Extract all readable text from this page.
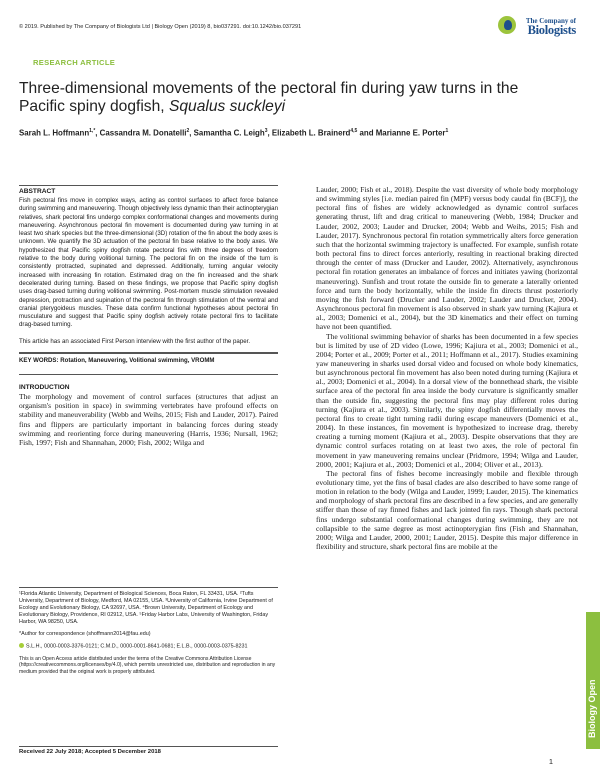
© 2019. Published by The Company of Biologists Ltd | Biology Open (2019) 8, bio037291. doi:10.1242/bio.037291
The Company of
Biologists
RESEARCH ARTICLE
Three-dimensional movements of the pectoral fin during yaw turns in the Pacific spiny dogfish, Squalus suckleyi
Sarah L. Hoffmann$^{1,*}$, Cassandra M. Donatelli$^2$, Samantha C. Leigh$^3$, Elizabeth L. Brainerd$^{4,5}$ and Marianne E. Porter$^1$
ABSTRACT
Fish pectoral fins move in complex ways, acting as control surfaces to affect force balance during swimming and maneuvering. Though objectively less dynamic than their actinopterygian relatives, shark pectoral fins undergo complex conformational changes and movements during maneuvering. Asynchronous pectoral fin movement is documented during yaw turning in at least two shark species but the three-dimensional (3D) rotation of the fin about the body axes is unknown. We quantify the 3D actuation of the pectoral fin base relative to the body axes. We hypothesized that Pacific spiny dogfish rotate pectoral fins with three degrees of freedom relative to the body during volitional turning. The pectoral fin on the inside of the turn is consistently protracted, supinated and depressed. Additionally, turning angular velocity increased with increasing fin rotation. Estimated drag on the fin increased and the shark decelerated during turning. Based on these findings, we propose that Pacific spiny dogfish uses drag-based turning during volitional swimming. Post-mortem muscle stimulation revealed depression, protraction and supination of the pectoral fin through stimulation of the ventral and cranial pterygoideus muscles. These data confirm functional hypotheses about pectoral fin musculature and suggest that Pacific spiny dogfish actively rotate pectoral fins to facilitate drag-based turning.
This article has an associated First Person interview with the first author of the paper.
KEY WORDS: Rotation, Maneuvering, Volitional swimming, VROMM
INTRODUCTION

The morphology and movement of control surfaces (structures that adjust an organism's position in space) in swimming vertebrates have profound effects on stability and maneuverability (Webb and Weihs, 2015; Fish and Lauder, 2017). Paired fins and flippers are particularly important in balancing forces during steady swimming and reorienting force during maneuvering (Harris, 1936; Nursall, 1962; Fish, 1997; Fish and Shannahan, 2000; Fish, 2002; Wilga and

¹Florida Atlantic University, Department of Biological Sciences, Boca Raton, FL 33431, USA. ²Tufts University, Department of Biology, Medford, MA 02155, USA. ³University of California, Irvine Department of Ecology and Evolutionary Biology, CA 92697, USA. ⁴Brown University, Department of Ecology and Evolutionary Biology, Providence, RI 02912, USA. ⁵Friday Harbor Labs, University of Washington, Friday Harbor, WA 98250, USA.
*Author for correspondence (shoffmann2014@fau.edu)
S.L.H., 0000-0003-3376-0121; C.M.D., 0000-0001-8641-0681; E.L.B., 0000-0003-0375-8231
This is an Open Access article distributed under the terms of the Creative Commons Attribution License (https://creativecommons.org/licenses/by/4.0), which permits unrestricted use, distribution and reproduction in any medium provided that the original work is properly attributed.
Received 22 July 2018; Accepted 5 December 2018

Lauder, 2000; Fish et al., 2018). Despite the vast diversity of whole body morphology and swimming styles [i.e. median paired fin (MPF) versus body caudal fin (BCF)], the pectoral fins of fishes are widely acknowledged as dynamic control surfaces generating thrust, lift and drag critical to maneuvering (Webb, 1984; Drucker and Lauder, 2002, 2003; Lauder and Drucker, 2004; Webb and Weihs, 2015; Fish and Lauder, 2017). Synchronous pectoral fin rotation symmetrically alters force generation such that the horizontal swimming trajectory is unaffected. For example, sunfish rotate both pectoral fins to direct forces anteriorly, resulting in reactional braking directed through the center of mass (Drucker and Lauder, 2002). Alternatively, asynchronous pectoral fin rotation generates an imbalance of forces and initiates yawing (horizontal maneuvering). Sunfish and trout rotate the outside fin to generate a laterally oriented force and turn the body horizontally, while the inside fin directs thrust posteriorly moving the fish forward (Drucker and Lauder, 2002; Lauder and Drucker, 2004). Asynchronous pectoral fin movement is also observed in shark yaw turning (Kajiura et al., 2003; Domenici et al., 2004), but the 3D kinematics and their effect on turning have not been quantified.

The volitional swimming behavior of sharks has been documented in a few species but is limited by use of 2D video (Lowe, 1996; Kajiura et al., 2003; Domenici et al., 2004; Porter et al., 2009; Porter et al., 2011; Hoffmann et al., 2017). Studies examining yaw maneuvering in sharks used dorsal video and focused on whole body kinematics, but asynchronous pectoral fin movement has also been noted during turning (Kajiura et al., 2003; Domenici et al., 2004). In a dorsal view of the bonnethead shark, the visible surface area of the pectoral fin area inside the body curvature is significantly smaller than the outside fin, suggesting the pectoral fins may play different roles during turning (Kajiura et al., 2003). Similarly, the spiny dogfish differentially moves the pectoral fins to create tight turning radii during escape maneuvers (Domenici et al., 2004). In these instances, fin movement is hypothesized to increase drag, thereby creating a turning moment (Kajiura et al., 2003). Despite observations that they are dynamic control surfaces rotating on at least two axes, the role of pectoral fin movement in yaw maneuvering remains unclear (Pridmore, 1994; Wilga and Lauder, 2000, 2001; Kajiura et al., 2003; Domenici et al., 2004; Oliver et al., 2013).

The pectoral fins of fishes become increasingly mobile and flexible through evolutionary time, yet the fins of basal clades are also described to have some range of motion in relation to the body (Wilga and Lauder, 1999; Lauder, 2015). The kinematics and morphology of shark pectoral fins are described in a few species, and are generally stiffer than those of ray finned fishes and lack jointed fin rays. Though shark pectoral fins undergo substantial conformational changes during swimming, they are not collapsible to the same degree as most actinopterygian fins (Fish and Shannahan, 2000; Wilga and Lauder, 2000, 2001; Lauder, 2015). Despite this major difference in flexibility and structure, shark pectoral fins are mobile at the

Biology Open
1
